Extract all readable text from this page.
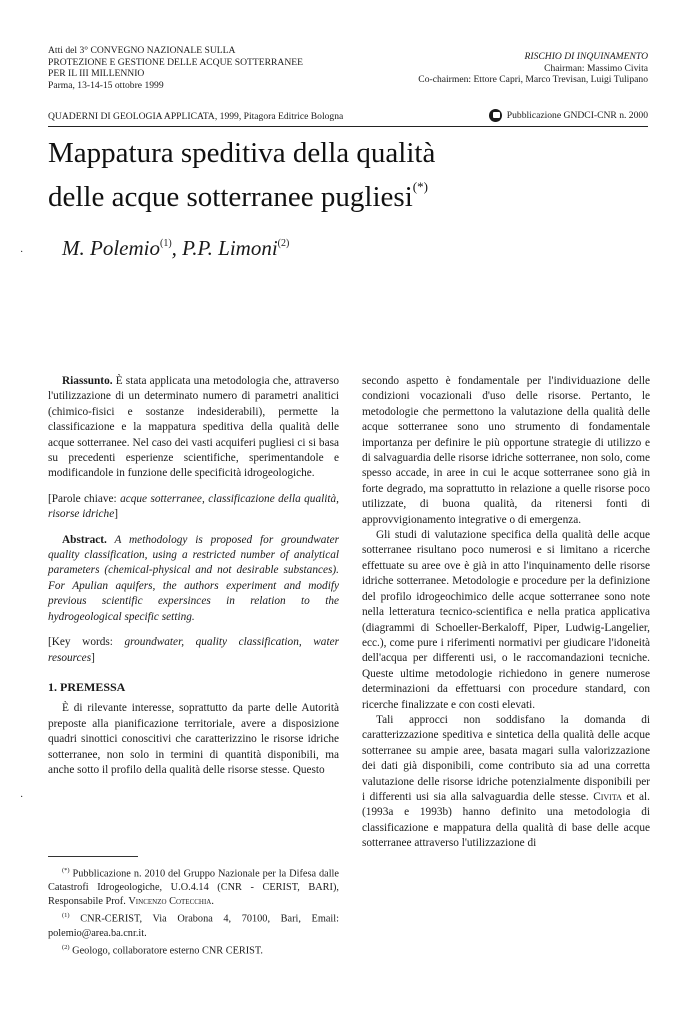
Atti del 3° CONVEGNO NAZIONALE SULLA
PROTEZIONE E GESTIONE DELLE ACQUE SOTTERRANEE
PER IL III MILLENNIO
Parma, 13-14-15 ottobre 1999
RISCHIO DI INQUINAMENTO
Chairman: Massimo Civita
Co-chairmen: Ettore Capri, Marco Trevisan, Luigi Tulipano
QUADERNI DI GEOLOGIA APPLICATA, 1999, Pitagora Editrice Bologna	Pubblicazione GNDCI-CNR n. 2000
Mappatura speditiva della qualità
delle acque sotterranee pugliesi(*)
· M. Polemio$^{(1)}$, P.P. Limoni$^{(2)}$

Riassunto. È stata applicata una metodologia che, attraverso l'utilizzazione di un determinato numero di parametri analitici (chimico-fisici e sostanze indesiderabili), permette la classificazione e la mappatura speditiva della qualità delle acque sotterranee. Nel caso dei vasti acquiferi pugliesi ci si basa su precedenti esperienze scientifiche, sperimentandole e modificandole in funzione delle specificità idrogeologiche.

[Parole chiave: acque sotterranee, classificazione della qualità, risorse idriche]

Abstract. A methodology is proposed for groundwater quality classification, using a restricted number of analytical parameters (chemical-physical and not desirable substances). For Apulian aquifers, the authors experiment and modify previous scientific expersinces in relation to the hydrogeological specific setting.

[Key words: groundwater, quality classification, water resources]

1. PREMESSA

È di rilevante interesse, soprattutto da parte delle Autorità preposte alla pianificazione territoriale, avere a disposizione quadri sinottici conoscitivi che caratterizzino le risorse idriche sotterranee, non solo in termini di quantità disponibili, ma anche sotto il profilo della qualità delle risorse stesse. Questo

·

(*) Pubblicazione n. 2010 del Gruppo Nazionale per la Difesa dalle Catastrofi Idrogeologiche, U.O.4.14 (CNR - CERIST, BARI), Responsabile Prof. Vincenzo Cotecchia.

$^{(1)}$ CNR-CERIST, Via Orabona 4, 70100, Bari, Email: polemio@area.ba.cnr.it.

$^{(2)}$ Geologo, collaboratore esterno CNR CERIST.

secondo aspetto è fondamentale per l'individuazione delle condizioni vocazionali d'uso delle risorse. Pertanto, le metodologie che permettono la valutazione della qualità delle acque sotterranee sono uno strumento di fondamentale importanza per definire le più opportune strategie di utilizzo e di salvaguardia delle risorse idriche sotterranee, non solo, come spesso accade, in aree in cui le acque sotterranee sono già in forte degrado, ma soprattutto in relazione a quelle risorse poco utilizzate, di buona qualità, da ritenersi fonti di approvvigionamento integrative o di emergenza.

Gli studi di valutazione specifica della qualità delle acque sotterranee risultano poco numerosi e si limitano a ricerche effettuate su aree ove è già in atto l'inquinamento delle risorse idriche sotterranee. Metodologie e procedure per la definizione del profilo idrogeochimico delle acque sotterranee sono note nella letteratura tecnico-scientifica e nella pratica applicativa (diagrammi di Schoeller-Berkaloff, Piper, Ludwig-Langelier, ecc.), come pure i riferimenti normativi per giudicare l'idoneità dell'acqua per differenti usi, o le raccomandazioni tecniche. Queste ultime metodologie richiedono in genere numerose determinazioni da effettuarsi con procedure standard, con ricerche finalizzate e con costi elevati.

Tali approcci non soddisfano la domanda di caratterizzazione speditiva e sintetica della qualità delle acque sotterranee su ampie aree, basata magari sulla valorizzazione dei dati già disponibili, come contributo sia ad una corretta valutazione delle risorse idriche potenzialmente disponibili per i differenti usi sia alla salvaguardia delle stesse. Civita et al. (1993a e 1993b) hanno definito una metodologia di classificazione e mappatura della qualità di base delle acque sotterranee attraverso l'utilizzazione di
